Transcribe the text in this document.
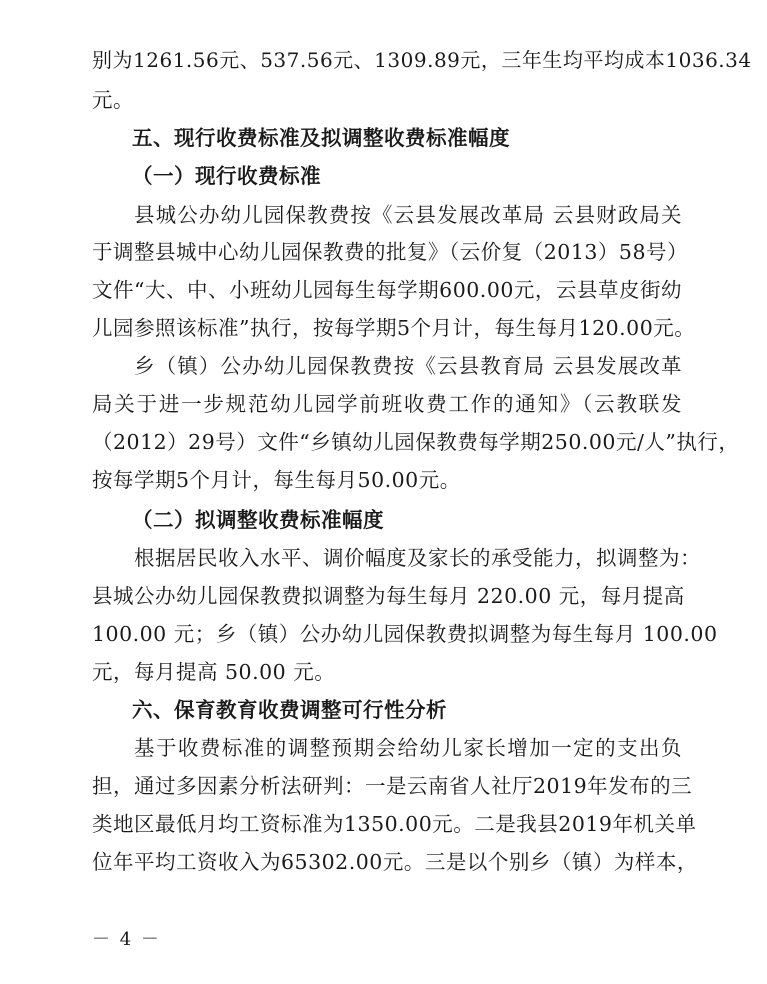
别为1261.56元、537.56元、1309.89元，三年生均平均成本1036.34
元。
五、现行收费标准及拟调整收费标准幅度
（一）现行收费标准
县城公办幼儿园保教费按《云县发展改革局 云县财政局关
于调整县城中心幼儿园保教费的批复》（云价复（2013）58号）
文件“大、中、小班幼儿园每生每学期600.00元，云县草皮街幼
儿园参照该标准”执行，按每学期5个月计，每生每月120.00元。
乡（镇）公办幼儿园保教费按《云县教育局 云县发展改革
局关于进一步规范幼儿园学前班收费工作的通知》（云教联发
（2012）29号）文件“乡镇幼儿园保教费每学期250.00元/人”执行，
按每学期5个月计，每生每月50.00元。
（二）拟调整收费标准幅度
根据居民收入水平、调价幅度及家长的承受能力，拟调整为：
县城公办幼儿园保教费拟调整为每生每月 220.00 元，每月提高
100.00 元；乡（镇）公办幼儿园保教费拟调整为每生每月 100.00
元，每月提高 50.00 元。
六、保育教育收费调整可行性分析
基于收费标准的调整预期会给幼儿家长增加一定的支出负
担，通过多因素分析法研判：一是云南省人社厅2019年发布的三
类地区最低月均工资标准为1350.00元。二是我县2019年机关单
位年平均工资收入为65302.00元。三是以个别乡（镇）为样本，
－ 4 －
